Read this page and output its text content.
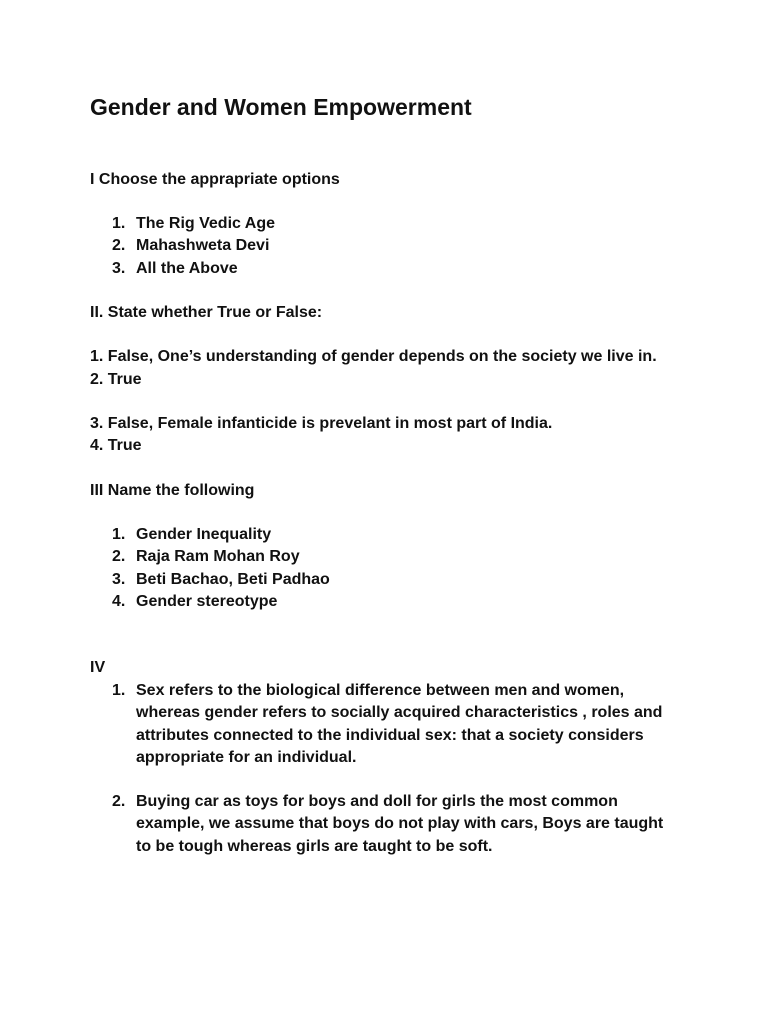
Gender and Women Empowerment
I Choose the apprapriate options
1. The Rig Vedic Age
2. Mahashweta Devi
3. All the Above
II. State whether True or False:
1. False, One’s understanding of gender depends on the society we live in.
2. True
3. False, Female infanticide is prevelant in most part of India.
4. True
III Name the following
1. Gender Inequality
2. Raja Ram Mohan Roy
3. Beti Bachao, Beti Padhao
4. Gender stereotype
IV
1. Sex refers to the biological difference between men and women, whereas gender refers to socially acquired characteristics , roles and attributes connected to the individual sex: that a society considers appropriate for an individual.
2. Buying car as toys for boys and doll for girls the most common example, we assume that boys do not play with cars, Boys are taught to be tough whereas girls are taught to be soft.
